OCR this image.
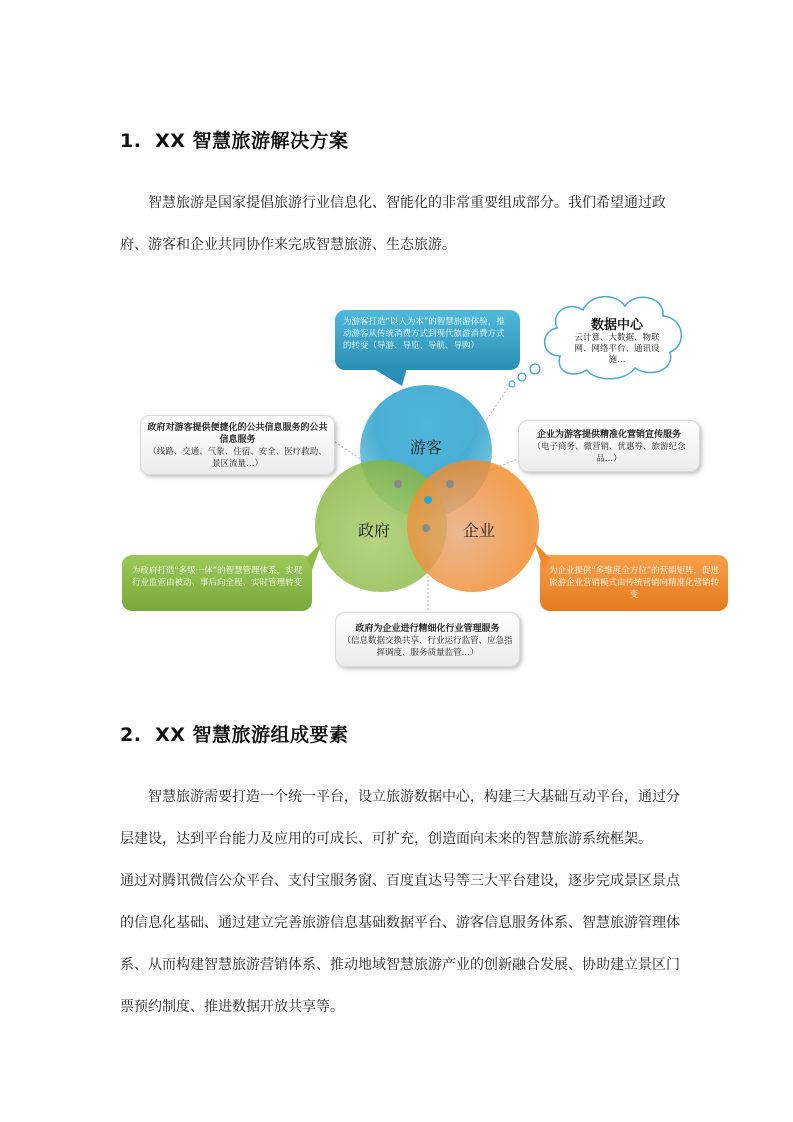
1. XX 智慧旅游解决方案

智慧旅游是国家提倡旅游行业信息化、智能化的非常重要组成部分。我们希望通过政府、游客和企业共同协作来完成智慧旅游、生态旅游。

游客
政府	企业
为游客打造“以人为本”的智慧旅游体验，推动游客从传统消费方式到现代旅游消费方式的转变（导游、导览、导航、导购）
数据中心
云计算、大数据、物联网、网络平台、通讯设施…
政府对游客提供便捷化的公共信息服务的公共信息服务
（线路、交通、气象、住宿、安全、医疗救助、景区流量…）
企业为游客提供精准化营销宣传服务
（电子商务、微营销、优惠券、旅游纪念品…）
为政府打造“多级一体”的智慧管理体系，实现行业监管由被动、事后向全程、实时管理转变
为企业提供“多维度全方位”的营销矩阵，促进旅游企业营销模式由传统营销向精准化营销转变
政府为企业进行精细化行业管理服务
（信息数据交换共享、行业运行监管、应急指挥调度、服务质量监管…）
2. XX 智慧旅游组成要素

智慧旅游需要打造一个统一平台，设立旅游数据中心，构建三大基础互动平台，通过分层建设，达到平台能力及应用的可成长、可扩充，创造面向未来的智慧旅游系统框架。

通过对腾讯微信公众平台、支付宝服务窗、百度直达号等三大平台建设，逐步完成景区景点的信息化基础、通过建立完善旅游信息基础数据平台、游客信息服务体系、智慧旅游管理体系、从而构建智慧旅游营销体系、推动地域智慧旅游产业的创新融合发展、协助建立景区门票预约制度、推进数据开放共享等。
